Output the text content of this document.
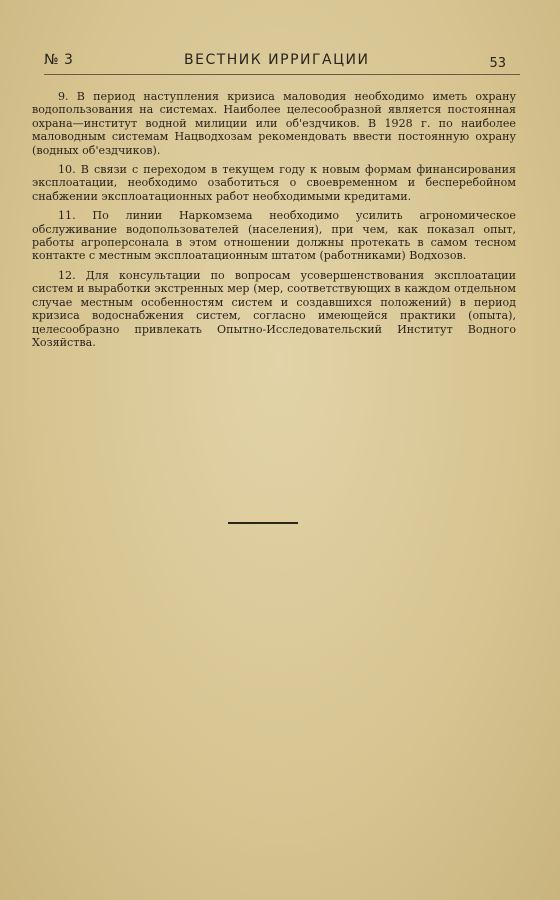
№ 3	ВЕСТНИК ИРРИГАЦИИ	53

9. В период наступления кризиса маловодия необходимо иметь охрану водопользования на системах. Наиболее целесообразной является постоянная охрана—институт водной милиции или об'ездчиков. В 1928 г. по наиболее маловодным системам Нацводхозам рекомендовать ввести постоянную охрану (водных об'ездчиков).

10. В связи с переходом в текущем году к новым формам финансирования эксплоатации, необходимо озаботиться о своевременном и бесперебойном снабжении эксплоатационных работ необходимыми кредитами.

11. По линии Наркомзема необходимо усилить агрономическое обслуживание водопользователей (населения), при чем, как показал опыт, работы агроперсонала в этом отношении должны протекать в самом тесном контакте с местным эксплоатационным штатом (работниками) Водхозов.

12. Для консультации по вопросам усовершенствования эксплоатации систем и выработки экстренных мер (мер, соответствующих в каждом отдельном случае местным особенностям систем и создавшихся положений) в период кризиса водоснабжения систем, согласно имеющейся практики (опыта), целесообразно привлекать Опытно-Исследовательский Институт Водного Хозяйства.
